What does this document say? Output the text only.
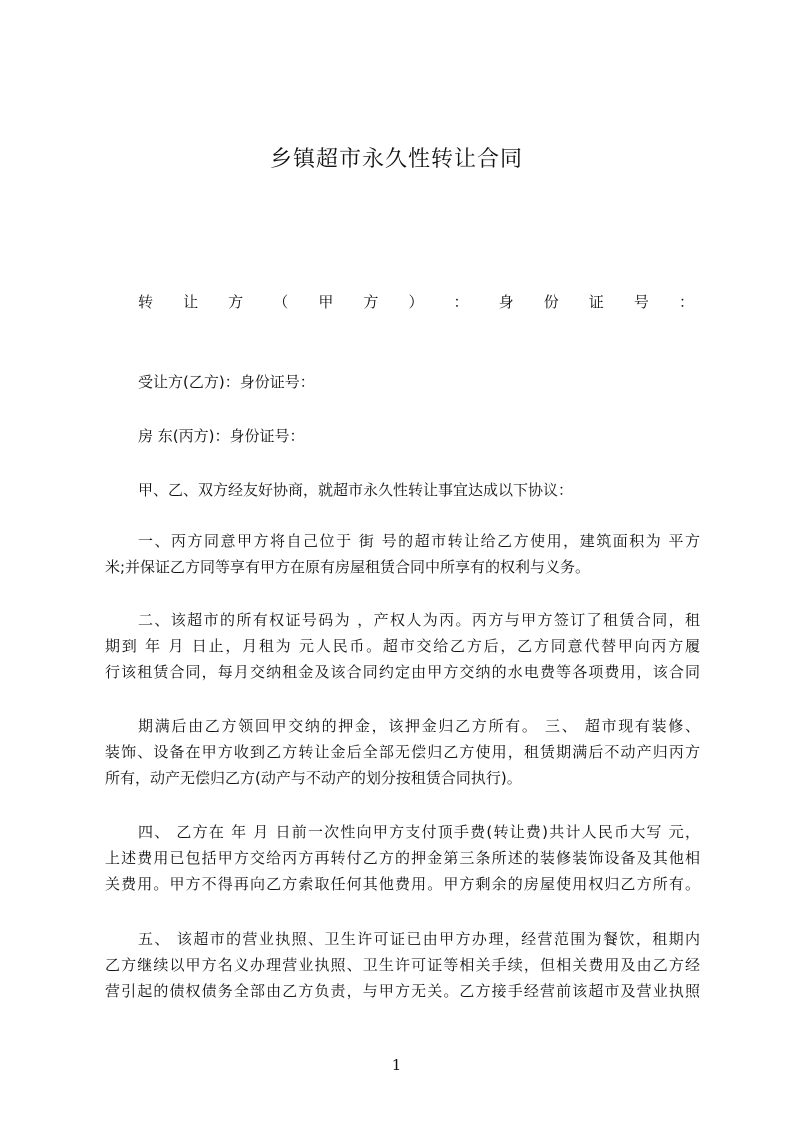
乡镇超市永久性转让合同
转 让 方 （ 甲 方 ） ： 身 份 证 号 ：

受让方(乙方)：身份证号：

房 东(丙方)：身份证号：

甲、乙、双方经友好协商，就超市永久性转让事宜达成以下协议：

一、丙方同意甲方将自己位于 街 号的超市转让给乙方使用，建筑面积为 平方

米;并保证乙方同等享有甲方在原有房屋租赁合同中所享有的权利与义务。

二、该超市的所有权证号码为 ，产权人为丙。丙方与甲方签订了租赁合同，租

期到 年 月 日止，月租为 元人民币。超市交给乙方后，乙方同意代替甲向丙方履

行该租赁合同，每月交纳租金及该合同约定由甲方交纳的水电费等各项费用，该合同

期满后由乙方领回甲交纳的押金，该押金归乙方所有。 三、 超市现有装修、

装饰、设备在甲方收到乙方转让金后全部无偿归乙方使用，租赁期满后不动产归丙方

所有，动产无偿归乙方(动产与不动产的划分按租赁合同执行)。

四、 乙方在 年 月 日前一次性向甲方支付顶手费(转让费)共计人民币大写 元，

上述费用已包括甲方交给丙方再转付乙方的押金第三条所述的装修装饰设备及其他相

关费用。甲方不得再向乙方索取任何其他费用。甲方剩余的房屋使用权归乙方所有。

五、 该超市的营业执照、卫生许可证已由甲方办理，经营范围为餐饮，租期内

乙方继续以甲方名义办理营业执照、卫生许可证等相关手续，但相关费用及由乙方经

营引起的债权债务全部由乙方负责，与甲方无关。乙方接手经营前该超市及营业执照

1
